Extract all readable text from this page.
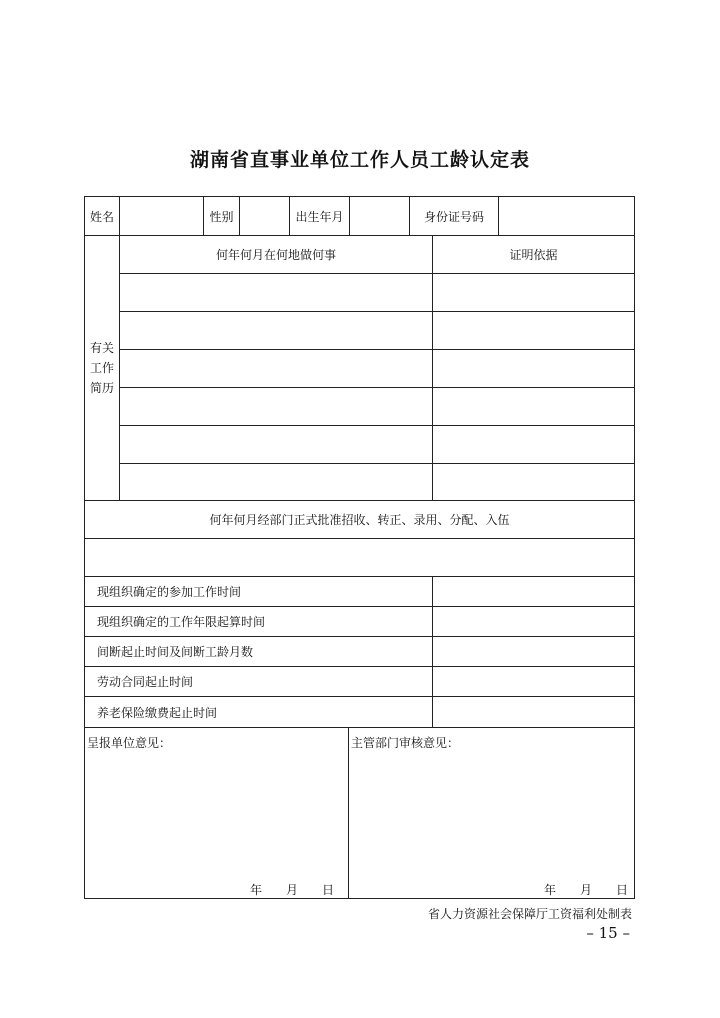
湖南省直事业单位工作人员工龄认定表
姓名	性别	出生年月	身份证号码
有关
工作
简历
何年何月在何地做何事	证明依据
何年何月经部门正式批准招收、转正、录用、分配、入伍
现组织确定的参加工作时间
现组织确定的工作年限起算时间
间断起止时间及间断工龄月数
劳动合同起止时间
养老保险缴费起止时间
呈报单位意见：	主管部门审核意见：
年　　月　　日	年　　月　　日
省人力资源社会保障厅工资福利处制表
– 15 –
